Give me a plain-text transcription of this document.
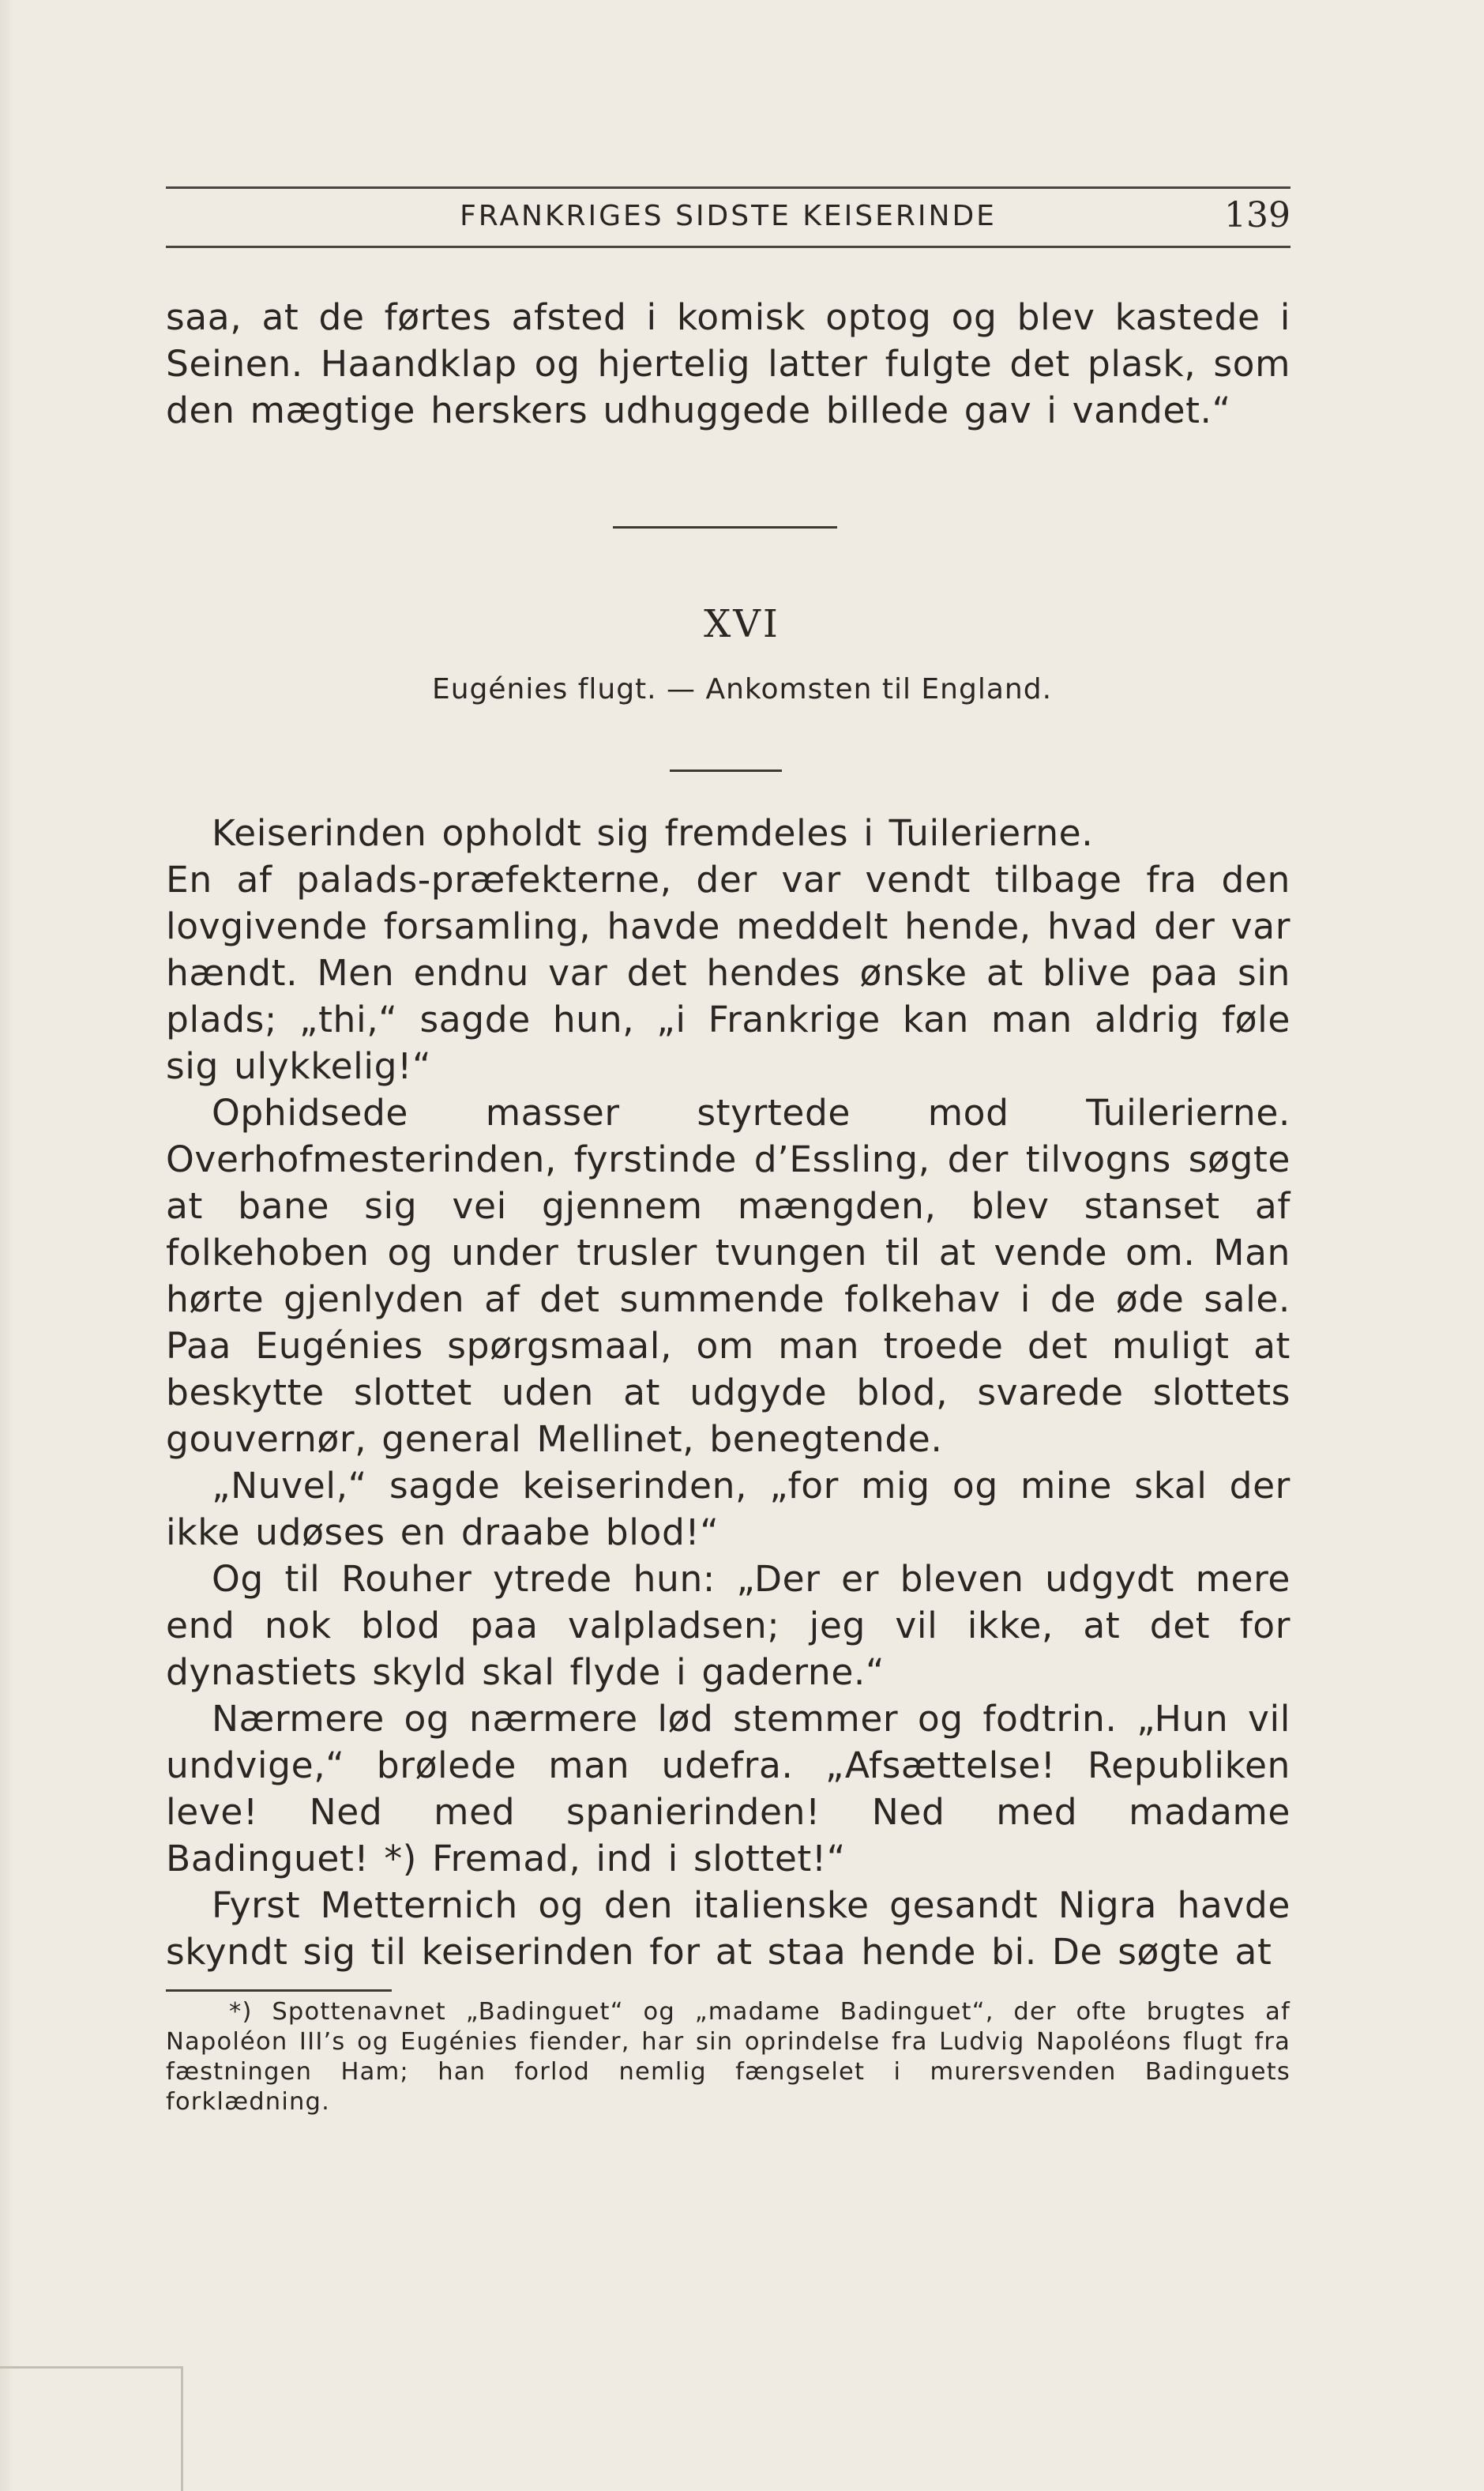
FRANKRIGES SIDSTE KEISERINDE	139

saa, at de førtes afsted i komisk optog og blev kastede i Seinen. Haandklap og hjertelig latter fulgte det plask, som den mægtige herskers udhuggede billede gav i vandet.“

XVI
Eugénies flugt. — Ankomsten til England.

Keiserinden opholdt sig fremdeles i Tuilerierne.

En af palads-præfekterne, der var vendt tilbage fra den lovgivende forsamling, havde meddelt hende, hvad der var hændt. Men endnu var det hendes ønske at blive paa sin plads; „thi,“ sagde hun, „i Frankrige kan man aldrig føle sig ulykkelig!“

Ophidsede masser styrtede mod Tuilerierne. Overhofmesterinden, fyrstinde d’Essling, der tilvogns søgte at bane sig vei gjennem mængden, blev stanset af folkehoben og under trusler tvungen til at vende om. Man hørte gjenlyden af det summende folkehav i de øde sale. Paa Eugénies spørgsmaal, om man troede det muligt at beskytte slottet uden at udgyde blod, svarede slottets gouvernør, general Mellinet, benegtende.

„Nuvel,“ sagde keiserinden, „for mig og mine skal der ikke udøses en draabe blod!“

Og til Rouher ytrede hun: „Der er bleven udgydt mere end nok blod paa valpladsen; jeg vil ikke, at det for dynastiets skyld skal flyde i gaderne.“

Nærmere og nærmere lød stemmer og fodtrin. „Hun vil undvige,“ brølede man udefra. „Afsættelse! Republiken leve! Ned med spanierinden! Ned med madame Badinguet! *) Fremad, ind i slottet!“

Fyrst Metternich og den italienske gesandt Nigra havde skyndt sig til keiserinden for at staa hende bi. De søgte at

*) Spottenavnet „Badinguet“ og „madame Badinguet“, der ofte brugtes af Napoléon III’s og Eugénies fiender, har sin oprindelse fra Ludvig Napoléons flugt fra fæstningen Ham; han forlod nemlig fængselet i murersvenden Badinguets forklædning.
